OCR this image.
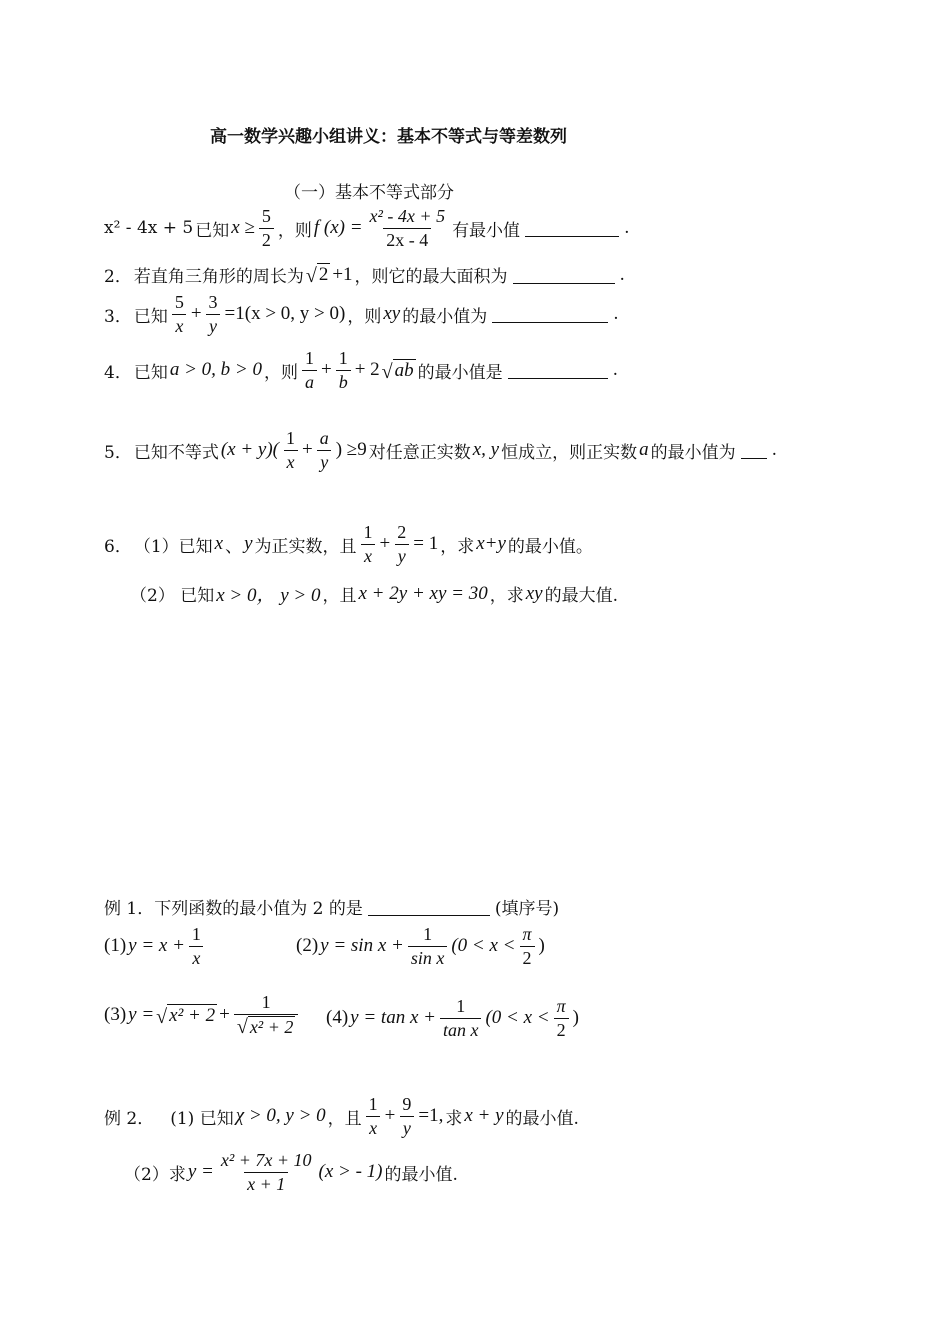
高一数学兴趣小组讲义：基本不等式与等差数列
（一）基本不等式部分
x² - 4x + 5 已知 $x \ge \frac{5}{2}$ ，则 f $(x) = \frac{\text{x² - 4x + 5}}{2x - 4}$ 有最小值	.
2． 若直角三角形的周长为 √ 2 +1 ，则它的最大面积为	.
3． 已知 $\frac{5}{x} + \frac{3}{y} =1(x > 0$, y > 0) ，则 xy 的最小值为	.
4． 已知 a > 0, b > 0 ，则 $\frac{1}{a} + \frac{1}{b} + 2$ √ ab 的最小值是	.
5． 已知不等式 $(x + y)( \frac{1}{x} + \frac{a}{y}$ ) ≥9 对任意正实数 x, y 恒成立，则正实数 a 的最小值为 .
6． （1）已知 x 、 y 为正实数，且 $\frac{1}{x} + \frac{2}{y} = 1$ ，求 x+y 的最小值。
（2） 已知 x > 0， y > 0 ，且 x + 2y + xy = 30 ，求 xy 的最大值.
例 1．下列函数的最小值为 2 的是	(填序号)
(1) $y = x + \frac{1}{x}$	(2) $y = \sin x + \frac{1}{\text{sin x}} (0 < x < \frac{\pi}{2}$ )
(3) y = √ $x^2 + 2 + \frac{1}{\text{√ x² + 2}} (4) y = \tan x + \frac{1}{\text{tan x}} (0 < x < \frac{\pi}{2}$ )
例 2． (1) 已知 χ > 0, y > 0 ，且 $\frac{1}{x} + \frac{9}{y} =1$, 求 x + y 的最小值.
（2）求 $y = \frac{\text{x² + 7x + 10}}{x + 1} (x$ > - 1) 的最小值.
